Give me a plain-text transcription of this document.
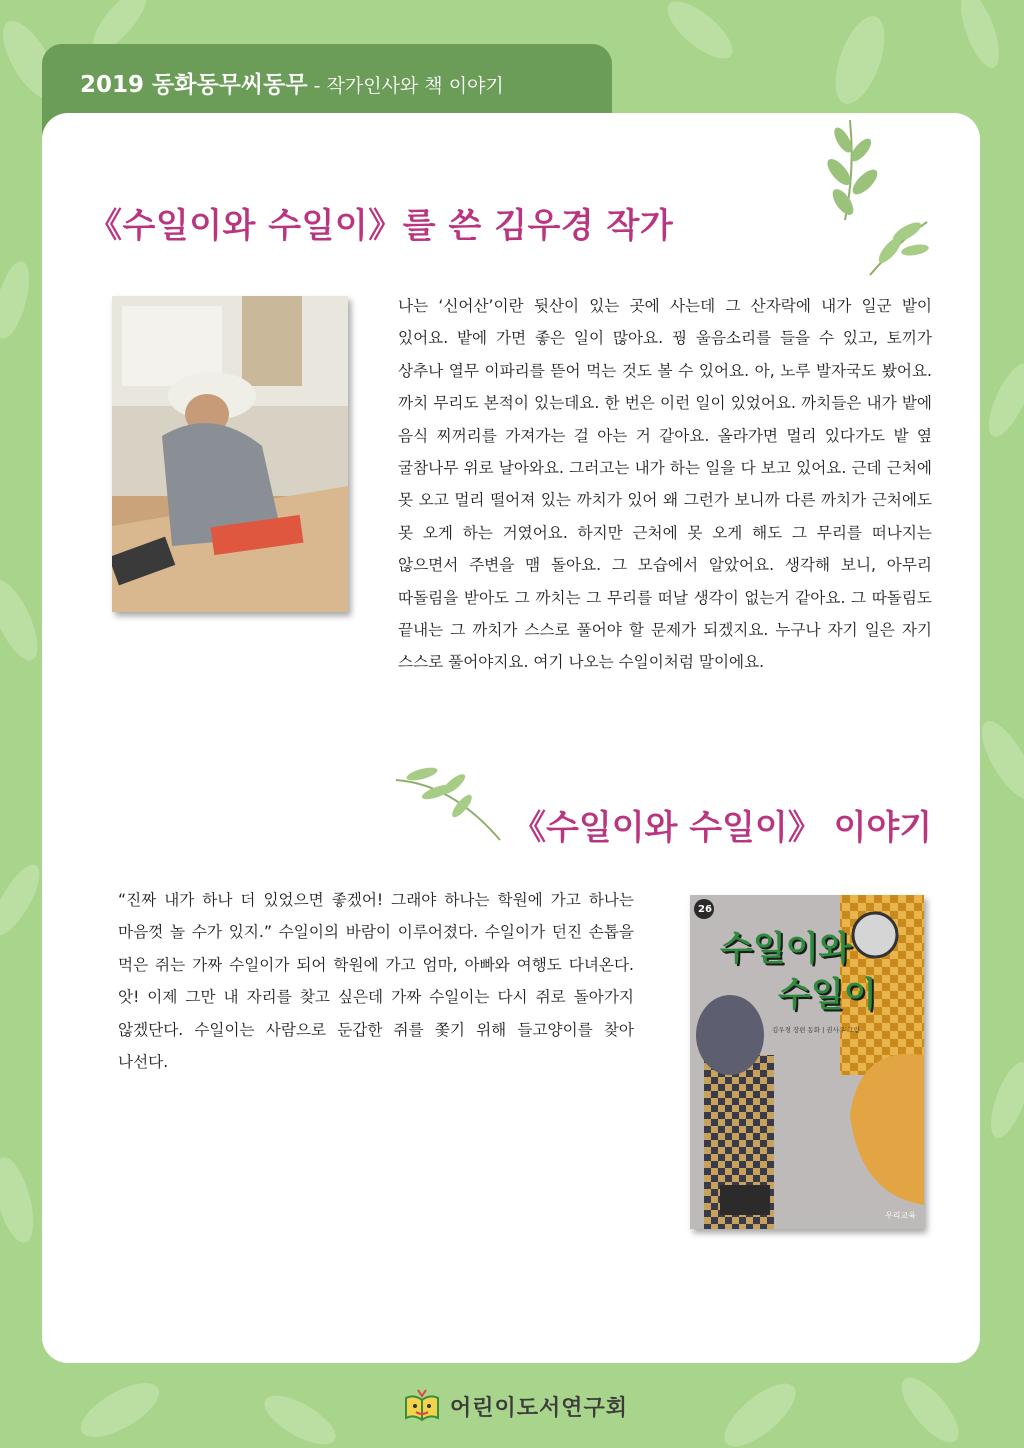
2019 동화동무씨동무 - 작가인사와 책 이야기
《수일이와 수일이》를 쓴 김우경 작가
나는 ‘신어산’이란 뒷산이 있는 곳에 사는데 그 산자락에 내가 일군 밭이 있어요. 밭에 가면 좋은 일이 많아요. 꿩 울음소리를 들을 수 있고, 토끼가 상추나 열무 이파리를 뜯어 먹는 것도 볼 수 있어요. 아, 노루 발자국도 봤어요. 까치 무리도 본적이 있는데요. 한 번은 이런 일이 있었어요. 까치들은 내가 밭에 음식 찌꺼리를 가져가는 걸 아는 거 같아요. 올라가면 멀리 있다가도 밭 옆 굴참나무 위로 날아와요. 그러고는 내가 하는 일을 다 보고 있어요. 근데 근처에 못 오고 멀리 떨어져 있는 까치가 있어 왜 그런가 보니까 다른 까치가 근처에도 못 오게 하는 거였어요. 하지만 근처에 못 오게 해도 그 무리를 떠나지는 않으면서 주변을 맴 돌아요. 그 모습에서 알았어요. 생각해 보니, 아무리 따돌림을 받아도 그 까치는 그 무리를 떠날 생각이 없는거 같아요. 그 따돌림도 끝내는 그 까치가 스스로 풀어야 할 문제가 되겠지요. 누구나 자기 일은 자기 스스로 풀어야지요. 여기 나오는 수일이처럼 말이에요.
《수일이와 수일이》 이야기
“진짜 내가 하나 더 있었으면 좋겠어! 그래야 하나는 학원에 가고 하나는 마음껏 놀 수가 있지.” 수일이의 바람이 이루어졌다. 수일이가 던진 손톱을 먹은 쥐는 가짜 수일이가 되어 학원에 가고 엄마, 아빠와 여행도 다녀온다. 앗! 이제 그만 내 자리를 찾고 싶은데 가짜 수일이는 다시 쥐로 돌아가지 않겠단다. 수일이는 사람으로 둔갑한 쥐를 쫓기 위해 들고양이를 찾아 나선다.
26
수일이와
수일이
김우경 장편 동화 | 권사우 그림
우리교육
어린이도서연구회
